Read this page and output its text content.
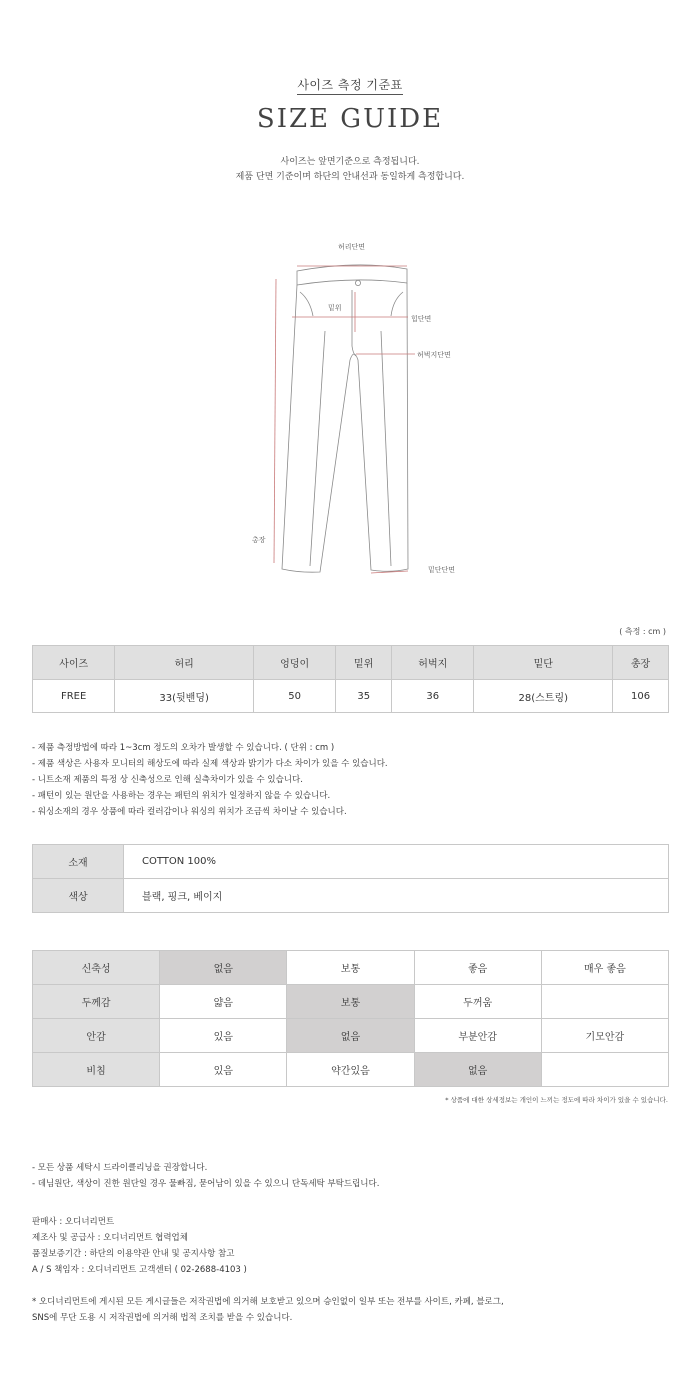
사이즈 측정 기준표
SIZE GUIDE
사이즈는 앞면기준으로 측정됩니다.
제품 단면 기준이며 하단의 안내선과 동일하게 측정합니다.
허리단면
밑위
힙단면
허벅지단면
총장
밑단단면
( 측정 : cm )
사이즈	허리	엉덩이	밑위	허벅지	밑단	총장
FREE	33(뒷밴딩)	50	35	36	28(스트링)	106
- 제품 측정방법에 따라 1~3cm 정도의 오차가 발생할 수 있습니다. ( 단위 : cm )
- 제품 색상은 사용자 모니터의 해상도에 따라 실제 색상과 밝기가 다소 차이가 있을 수 있습니다.
- 니트소재 제품의 특정 상 신축성으로 인해 실측차이가 있을 수 있습니다.
- 패턴이 있는 원단을 사용하는 경우는 패턴의 위치가 일정하지 않을 수 있습니다.
- 워싱소재의 경우 상품에 따라 컬러감이나 워싱의 위치가 조금씩 차이날 수 있습니다.
소재	COTTON 100%
색상	블랙, 핑크, 베이지
신축성	없음	보통	좋음	매우 좋음
두께감	얇음	보통	두꺼움	
안감	있음	없음	부분안감	기모안감
비침	있음	약간있음	없음	
* 상품에 대한 상세정보는 개인이 느끼는 정도에 따라 차이가 있을 수 있습니다.
- 모든 상품 세탁시 드라이클리닝을 권장합니다.
- 데님원단, 색상이 진한 원단일 경우 물빠짐, 묻어남이 있을 수 있으니 단독세탁 부탁드립니다.
판매사 : 오디너리먼트
제조사 및 공급사 : 오디너리먼트 협력업체
품질보증기간 : 하단의 이용약관 안내 및 공지사항 참고
A / S 책임자 : 오디너리먼트 고객센터 ( 02-2688-4103 )
* 오디너리먼트에 게시된 모든 게시글들은 저작권법에 의거해 보호받고 있으며 승인없이 일부 또는 전부를 사이트, 카페, 블로그,
SNS에 무단 도용 시 저작권법에 의거해 법적 조치를 받을 수 있습니다.
